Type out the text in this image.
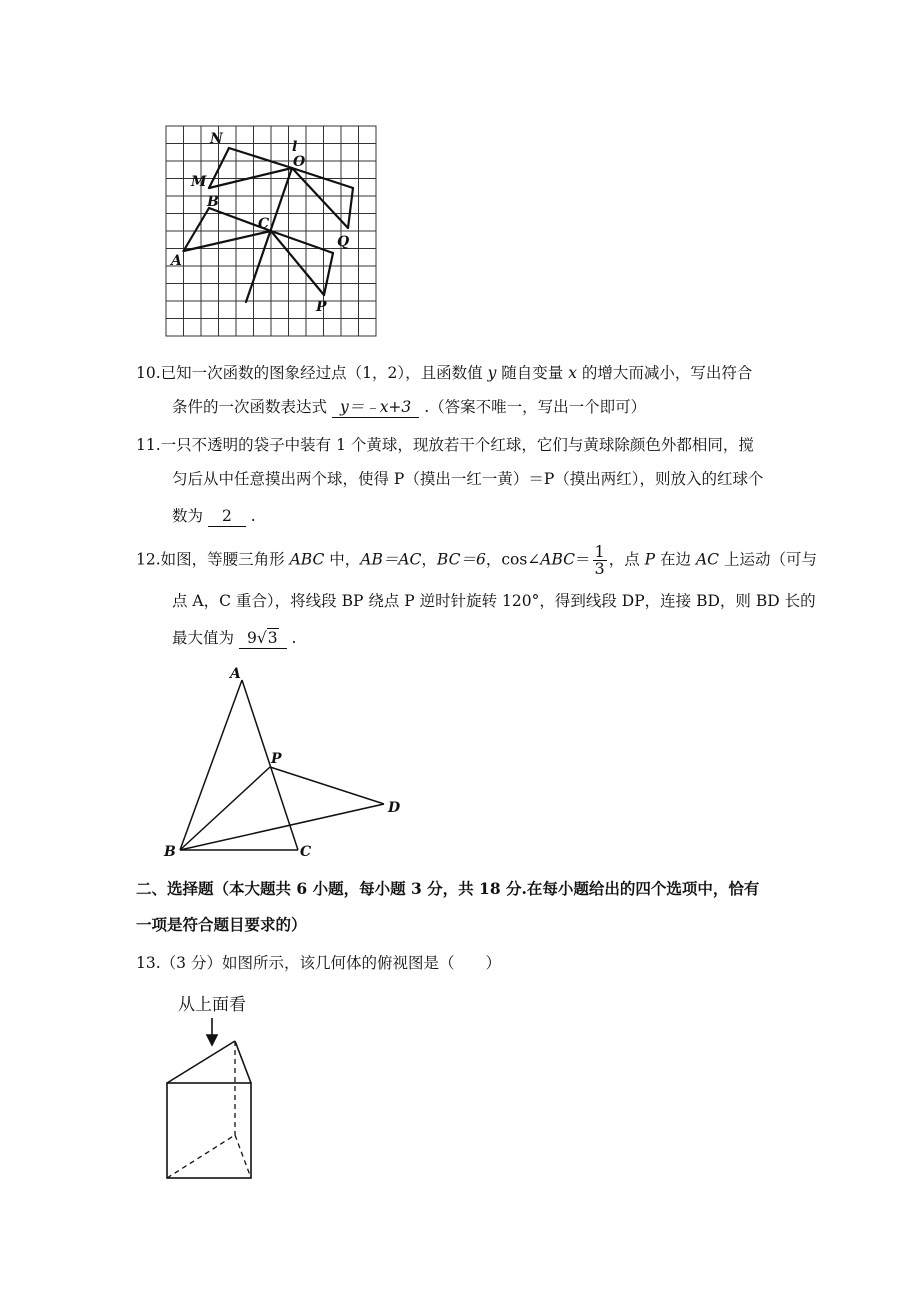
N	l
O
M
B
C
Q
A
P
10.已知一次函数的图象经过点（1，2），且函数值 y 随自变量 x 的增大而减小，写出符合
条件的一次函数表达式 y＝﹣x+3 .（答案不唯一，写出一个即可）
11.一只不透明的袋子中装有 1 个黄球，现放若干个红球，它们与黄球除颜色外都相同，搅
匀后从中任意摸出两个球，使得 P（摸出一红一黄）＝P（摸出两红），则放入的红球个
数为 2 .
12.如图，等腰三角形 ABC 中，AB＝AC，BC＝6，cos∠ABC＝ $\frac{1}{3}$ ，点 P 在边 AC 上运动（可与
点 A，C 重合），将线段 BP 绕点 P 逆时针旋转 120°，得到线段 DP，连接 BD，则 BD 长的
最大值为 9√3 .
A
P
D
B	C
二、选择题（本大题共 6 小题，每小题 3 分，共 18 分.在每小题给出的四个选项中，恰有
一项是符合题目要求的）
13.（3 分）如图所示，该几何体的俯视图是（　　）
从上面看
